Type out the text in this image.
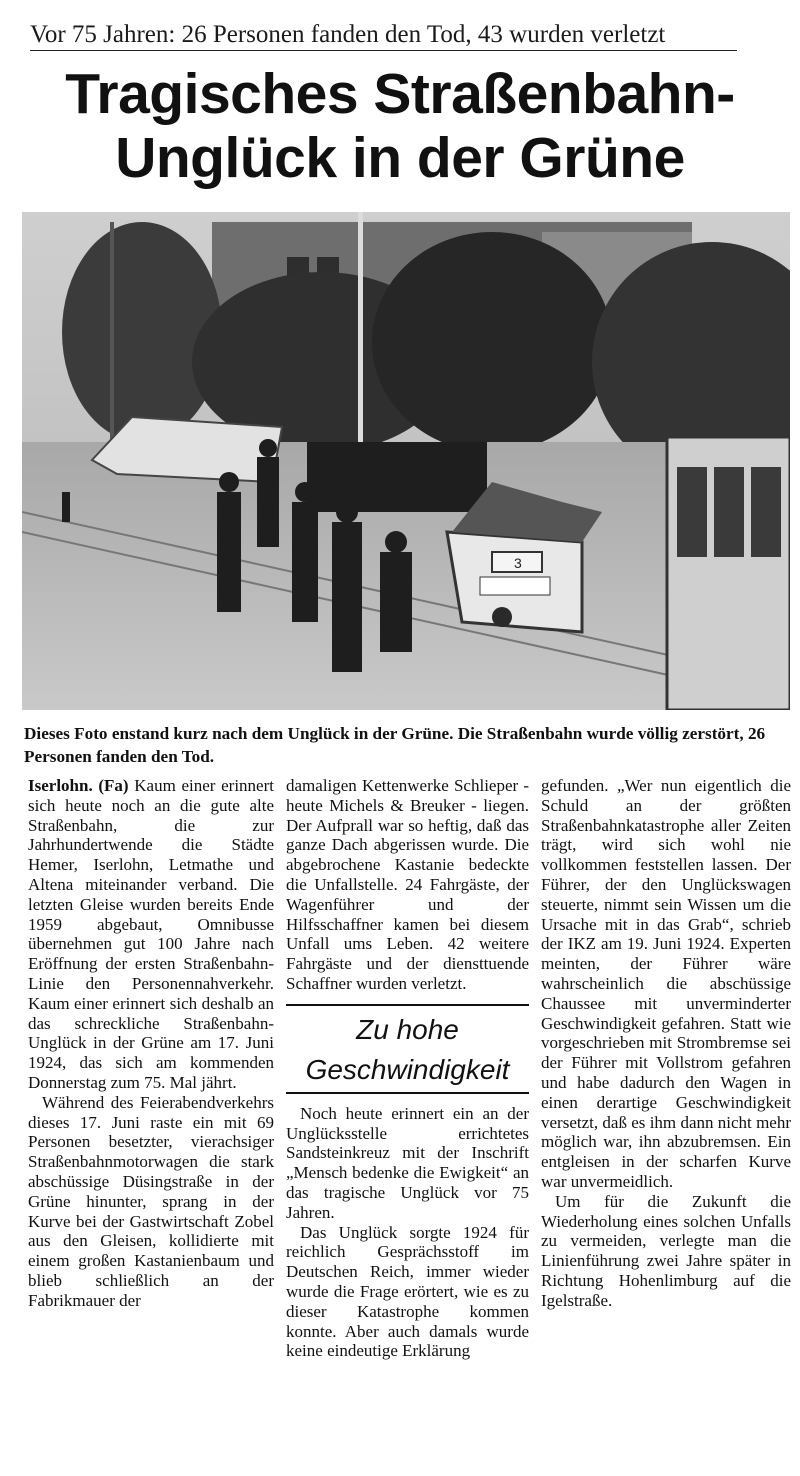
Vor 75 Jahren: 26 Personen fanden den Tod, 43 wurden verletzt
Tragisches Straßenbahn-
Unglück in der Grüne
3
Dieses Foto enstand kurz nach dem Unglück in der Grüne. Die Straßenbahn wurde völlig zerstört, 26 Personen fanden den Tod.

Iserlohn. (Fa) Kaum einer erinnert sich heute noch an die gute alte Straßenbahn, die zur Jahrhundertwende die Städte Hemer, Iserlohn, Letmathe und Altena miteinander verband. Die letzten Gleise wurden bereits Ende 1959 abgebaut, Omnibusse übernehmen gut 100 Jahre nach Eröffnung der ersten Straßenbahn-Linie den Personennahverkehr. Kaum einer erinnert sich deshalb an das schreckliche Straßenbahn-Unglück in der Grüne am 17. Juni 1924, das sich am kommenden Donnerstag zum 75. Mal jährt.

Während des Feierabendverkehrs dieses 17. Juni raste ein mit 69 Personen besetzter, vierachsiger Straßenbahnmotorwagen die stark abschüssige Düsingstraße in der Grüne hinunter, sprang in der Kurve bei der Gastwirtschaft Zobel aus den Gleisen, kollidierte mit einem großen Kastanienbaum und blieb schließlich an der Fabrikmauer der

damaligen Kettenwerke Schlieper - heute Michels & Breuker - liegen. Der Aufprall war so heftig, daß das ganze Dach abgerissen wurde. Die abgebrochene Kastanie bedeckte die Unfallstelle. 24 Fahrgäste, der Wagenführer und der Hilfsschaffner kamen bei diesem Unfall ums Leben. 42 weitere Fahrgäste und der diensttuende Schaffner wurden verletzt.

Zu hohe
Geschwindigkeit

Noch heute erinnert ein an der Unglücksstelle errichtetes Sandsteinkreuz mit der Inschrift „Mensch bedenke die Ewigkeit“ an das tragische Unglück vor 75 Jahren.

Das Unglück sorgte 1924 für reichlich Gesprächsstoff im Deutschen Reich, immer wieder wurde die Frage erörtert, wie es zu dieser Katastrophe kommen konnte. Aber auch damals wurde keine eindeutige Erklärung

gefunden. „Wer nun eigentlich die Schuld an der größten Straßenbahnkatastrophe aller Zeiten trägt, wird sich wohl nie vollkommen feststellen lassen. Der Führer, der den Unglückswagen steuerte, nimmt sein Wissen um die Ursache mit in das Grab“, schrieb der IKZ am 19. Juni 1924. Experten meinten, der Führer wäre wahrscheinlich die abschüssige Chaussee mit unverminderter Geschwindigkeit gefahren. Statt wie vorgeschrieben mit Strombremse sei der Führer mit Vollstrom gefahren und habe dadurch den Wagen in einen derartige Geschwindigkeit versetzt, daß es ihm dann nicht mehr möglich war, ihn abzubremsen. Ein entgleisen in der scharfen Kurve war unvermeidlich.

Um für die Zukunft die Wiederholung eines solchen Unfalls zu vermeiden, verlegte man die Linienführung zwei Jahre später in Richtung Hohenlimburg auf die Igelstraße.
